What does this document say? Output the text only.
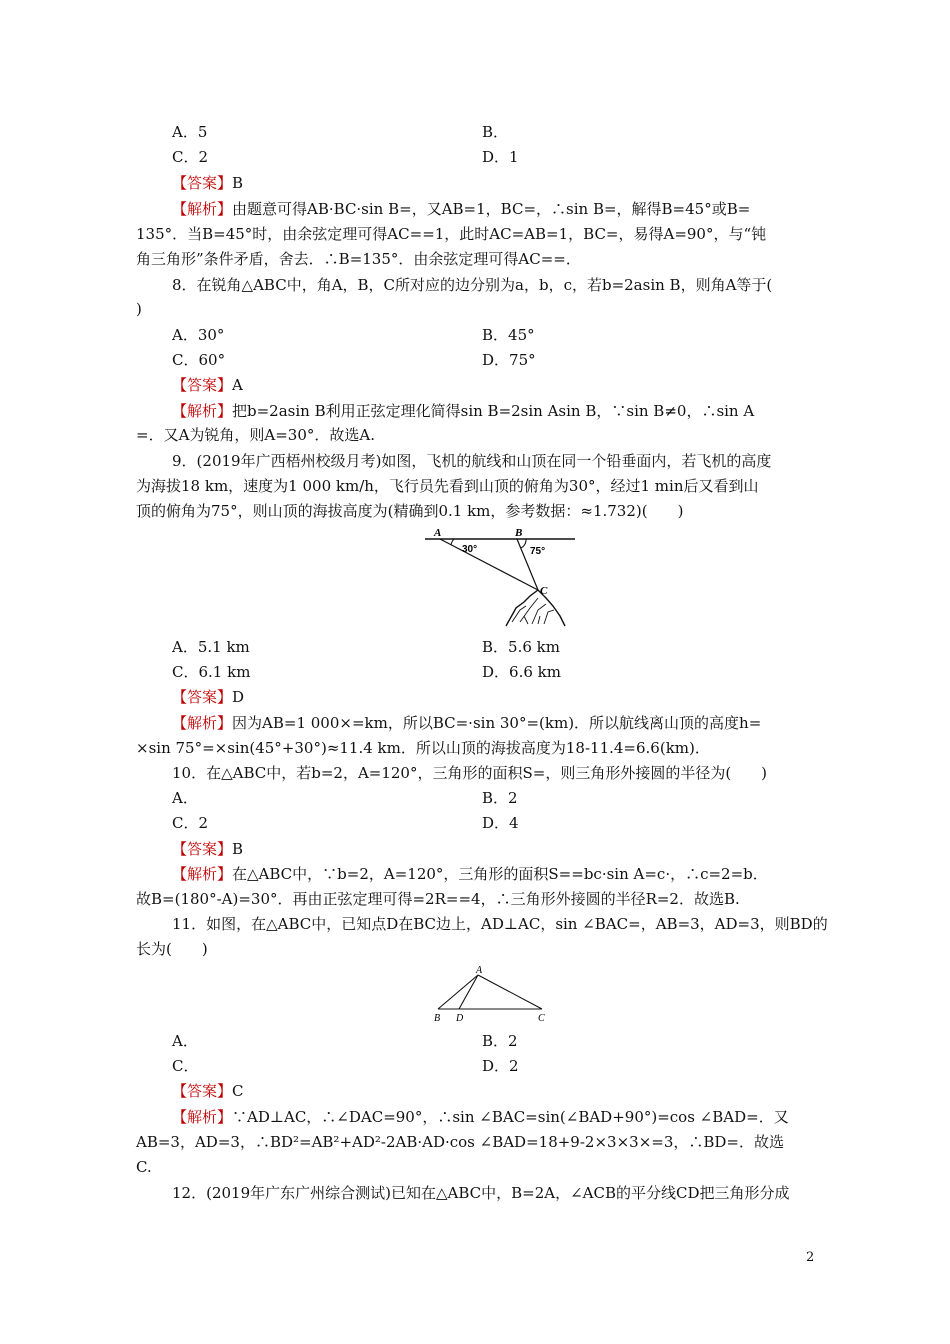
A．5	B．
C．2	D．1
【答案】B
【解析】由题意可得AB·BC·sin B=，又AB=1，BC=，∴sin B=，解得B=45°或B=
135°．当B=45°时，由余弦定理可得AC==1，此时AC=AB=1，BC=，易得A=90°，与“钝
角三角形”条件矛盾，舍去．∴B=135°．由余弦定理可得AC==．
8．在锐角△ABC中，角A，B，C所对应的边分别为a，b，c，若b=2asin B，则角A等于(
)
A．30°	B．45°
C．60°	D．75°
【答案】A
【解析】把b=2asin B利用正弦定理化简得sin B=2sin Asin B，∵sin B≠0，∴sin A
=．又A为锐角，则A=30°．故选A.
9．(2019年广西梧州校级月考)如图，飞机的航线和山顶在同一个铅垂面内，若飞机的高度
为海拔18 km，速度为1 000 km/h，飞行员先看到山顶的俯角为30°，经过1 min后又看到山
顶的俯角为75°，则山顶的海拔高度为(精确到0.1 km，参考数据：≈1.732)(　　)
A	B
C
30°	75°
A．5.1 km	B．5.6 km
C．6.1 km	D．6.6 km
【答案】D
【解析】因为AB=1 000×=km，所以BC=·sin 30°=(km)．所以航线离山顶的高度h=
×sin 75°=×sin(45°+30°)≈11.4 km．所以山顶的海拔高度为18-11.4=6.6(km)．
10．在△ABC中，若b=2，A=120°，三角形的面积S=，则三角形外接圆的半径为(　　)
A．	B．2
C．2	D．4
【答案】B
【解析】在△ABC中，∵b=2，A=120°，三角形的面积S==bc·sin A=c·，∴c=2=b．
故B=(180°-A)=30°．再由正弦定理可得=2R==4，∴三角形外接圆的半径R=2．故选B.
11．如图，在△ABC中，已知点D在BC边上，AD⊥AC，sin ∠BAC=，AB=3，AD=3，则BD的
长为(　　)
A
B D	C
A．	B．2
C．	D．2
【答案】C
【解析】∵AD⊥AC，∴∠DAC=90°，∴sin ∠BAC=sin(∠BAD+90°)=cos ∠BAD=．又
AB=3，AD=3，∴BD²=AB²+AD²-2AB·AD·cos ∠BAD=18+9-2×3×3×=3，∴BD=．故选
C.
12．(2019年广东广州综合测试)已知在△ABC中，B=2A，∠ACB的平分线CD把三角形分成
2
